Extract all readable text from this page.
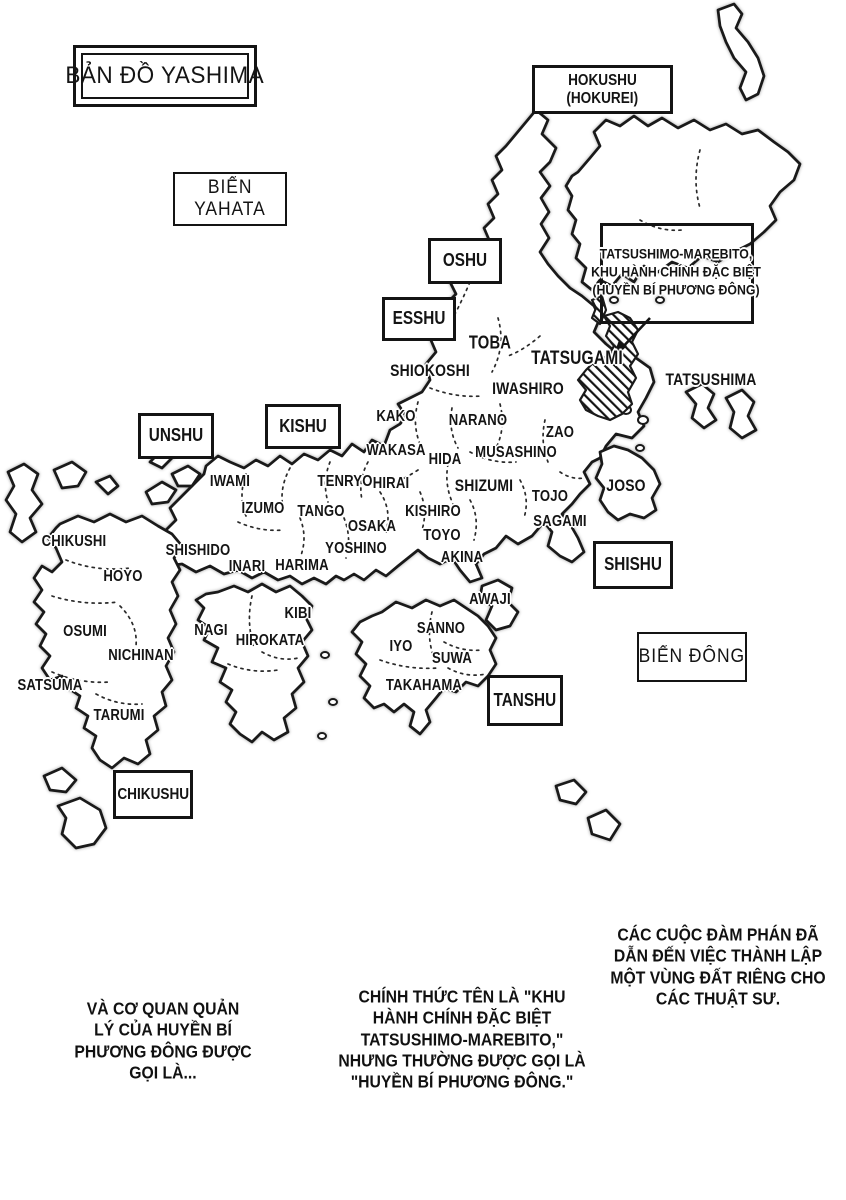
TOBA
TATSUGAMI
SHIOKOSHI
IWASHIRO	TATSUSHIMA
KAKO NARANO
ZAO
WAKASA
HIDA MUSASHINO
JOSO
IWAMI	TENRYO HIRAI	SHIZUMI
TOJO
IZUMO TANGO	KISHIRO
SAGAMI
CHIKUSHI
OSAKA
TOYO
SHISHIDO	YOSHINO
AKINA
HOYO
INARI HARIMA
KIBI
AWAJI
OSUMI	NAGI
HIROKATA
SANNO
IYO
SUWA
NICHINAN
SATSUMA	TAKAHAMA
TARUMI
HOKUSHU
(HOKUREI)
OSHU
ESSHU
UNSHU	KISHU
SHISHU
TANSHU
CHIKUSHU
BIỂN
YAHATA
BIỂN ĐÔNG
TATSUSHIMO-MAREBITO,
KHU HÀNH CHÍNH ĐẶC BIỆT
(HUYỀN BÍ PHƯƠNG ĐÔNG)
VÀ CƠ QUAN QUẢN
LÝ CỦA HUYỀN BÍ
PHƯƠNG ĐÔNG ĐƯỢC
GỌI LÀ...
CHÍNH THỨC TÊN LÀ "KHU
HÀNH CHÍNH ĐẶC BIỆT
TATSUSHIMO-MAREBITO,"
NHƯNG THƯỜNG ĐƯỢC GỌI LÀ
"HUYỀN BÍ PHƯƠNG ĐÔNG."
CÁC CUỘC ĐÀM PHÁN ĐÃ
DẪN ĐẾN VIỆC THÀNH LẬP
MỘT VÙNG ĐẤT RIÊNG CHO
CÁC THUẬT SƯ.
BẢN ĐỒ YASHIMA
